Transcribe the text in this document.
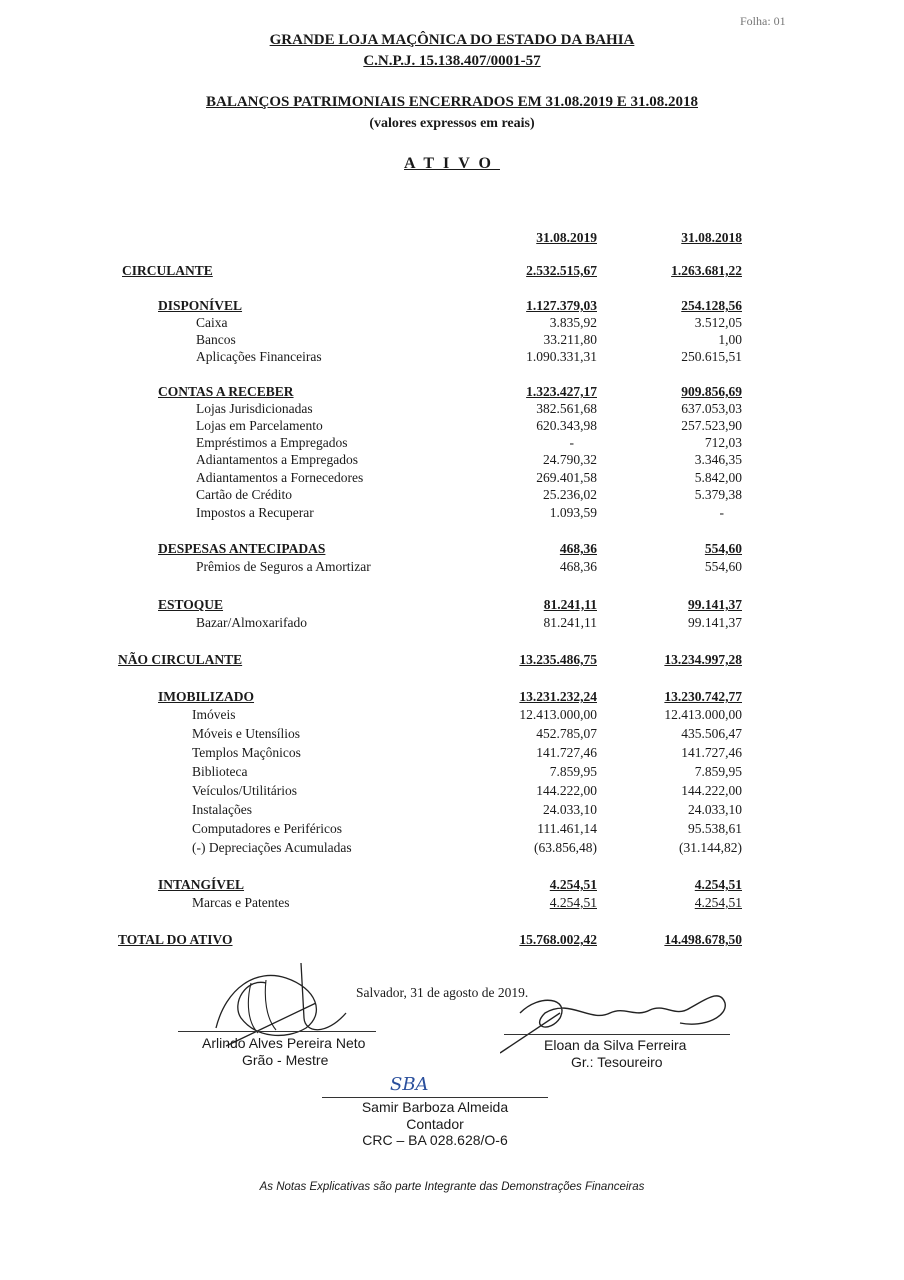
Folha: 01
GRANDE LOJA MAÇÔNICA DO ESTADO DA BAHIA
C.N.P.J. 15.138.407/0001-57
BALANÇOS PATRIMONIAIS ENCERRADOS EM 31.08.2019 E 31.08.2018
(valores expressos em reais)
ATIVO
31.08.2019	31.08.2018
CIRCULANTE	2.532.515,67	1.263.681,22
DISPONÍVEL	1.127.379,03	254.128,56
Caixa	3.835,92	3.512,05
Bancos	33.211,80	1,00
Aplicações Financeiras	1.090.331,31	250.615,51
CONTAS A RECEBER	1.323.427,17	909.856,69
Lojas Jurisdicionadas	382.561,68	637.053,03
Lojas em Parcelamento	620.343,98	257.523,90
Empréstimos a Empregados	-	712,03
Adiantamentos a Empregados	24.790,32	3.346,35
Adiantamentos a Fornecedores	269.401,58	5.842,00
Cartão de Crédito	25.236,02	5.379,38
Impostos a Recuperar	1.093,59	-
DESPESAS ANTECIPADAS	468,36	554,60
Prêmios de Seguros a Amortizar	468,36	554,60
ESTOQUE	81.241,11	99.141,37
Bazar/Almoxarifado	81.241,11	99.141,37
NÃO CIRCULANTE	13.235.486,75	13.234.997,28
IMOBILIZADO	13.231.232,24	13.230.742,77
Imóveis	12.413.000,00	12.413.000,00
Móveis e Utensílios	452.785,07	435.506,47
Templos Maçônicos	141.727,46	141.727,46
Biblioteca	7.859,95	7.859,95
Veículos/Utilitários	144.222,00	144.222,00
Instalações	24.033,10	24.033,10
Computadores e Periféricos	111.461,14	95.538,61
(-) Depreciações Acumuladas	(63.856,48)	(31.144,82)
INTANGÍVEL	4.254,51	4.254,51
Marcas e Patentes	4.254,51	4.254,51
TOTAL DO ATIVO	15.768.002,42	14.498.678,50
Salvador, 31 de agosto de 2019.
Arlindo Alves Pereira Neto
Grão - Mestre
Eloan da Silva Ferreira
Gr.: Tesoureiro
SBA
Samir Barboza Almeida
Contador
CRC – BA 028.628/O-6
As Notas Explicativas são parte Integrante das Demonstrações Financeiras
